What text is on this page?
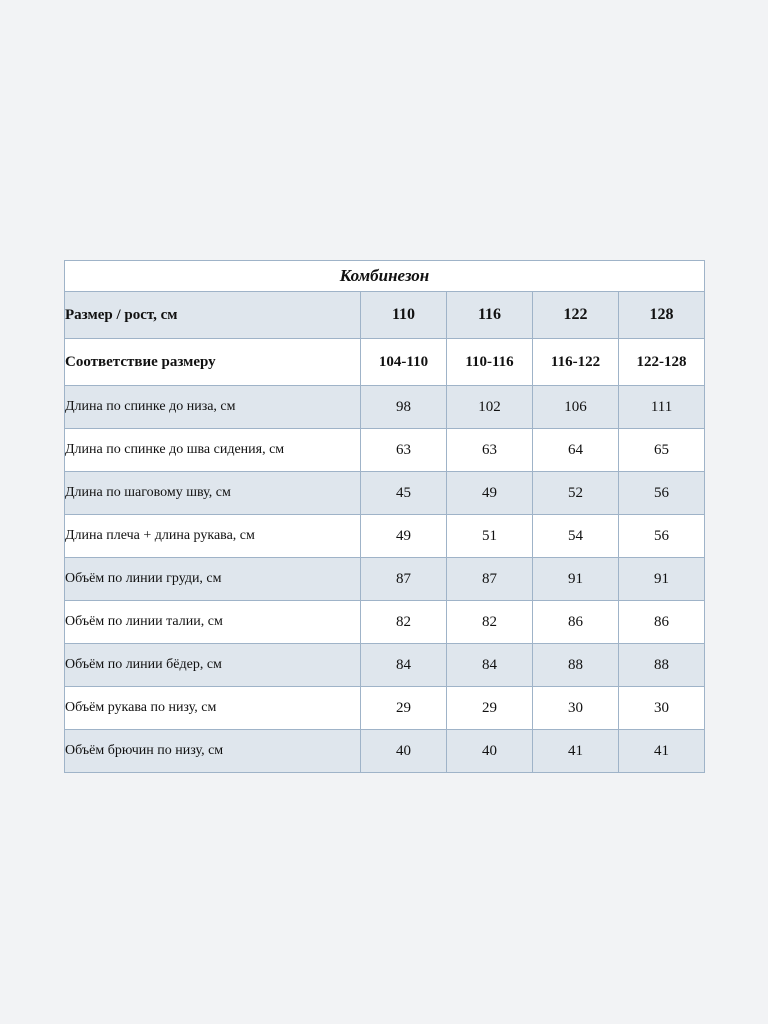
Комбинезон				
Размер / рост, см	110	116	122	128
Соответствие размеру	104-110	110-116	116-122	122-128
Длина по спинке до низа, см	98	102	106	111
Длина по спинке до шва сидения, см	63	63	64	65
Длина по шаговому шву, см	45	49	52	56
Длина плеча + длина рукава, см	49	51	54	56
Объём по линии груди, см	87	87	91	91
Объём по линии талии, см	82	82	86	86
Объём по линии бёдер, см	84	84	88	88
Объём рукава по низу, см	29	29	30	30
Объём брючин по низу, см	40	40	41	41
